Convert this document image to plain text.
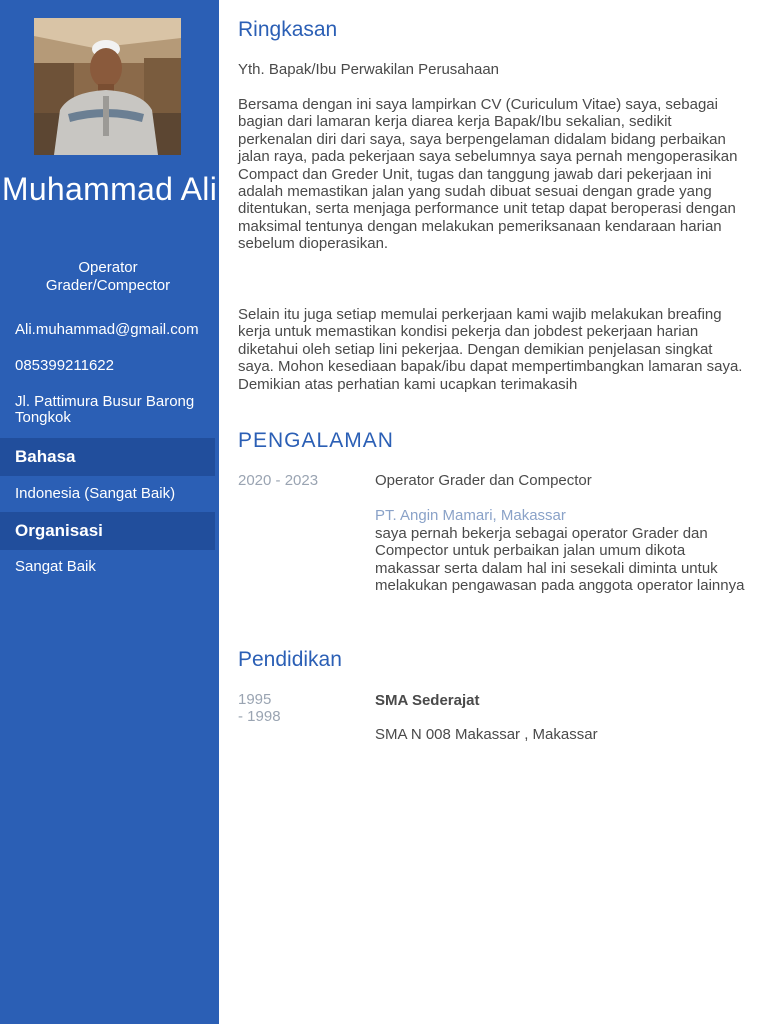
Muhammad Ali
Operator Grader/Compector
Ali.muhammad@gmail.com
085399211622
Jl. Pattimura Busur Barong Tongkok
Bahasa
Indonesia (Sangat Baik)
Organisasi
Sangat Baik
Ringkasan
Yth. Bapak/Ibu Perwakilan Perusahaan
Bersama dengan ini saya lampirkan CV (Curiculum Vitae) saya, sebagai bagian dari lamaran kerja diarea kerja Bapak/Ibu sekalian, sedikit perkenalan diri dari saya, saya berpengelaman didalam bidang perbaikan jalan raya, pada pekerjaan saya sebelumnya saya pernah mengoperasikan Compact dan Greder Unit, tugas dan tanggung jawab dari pekerjaan ini adalah memastikan jalan yang sudah dibuat sesuai dengan grade yang ditentukan, serta menjaga performance unit tetap dapat beroperasi dengan maksimal tentunya dengan melakukan pemeriksanaan kendaraan harian sebelum dioperasikan.
Selain itu juga setiap memulai perkerjaan kami wajib melakukan breafing kerja untuk memastikan kondisi pekerja dan jobdest pekerjaan harian diketahui oleh setiap lini pekerjaa. Dengan demikian penjelasan singkat saya. Mohon kesediaan bapak/ibu dapat mempertimbangkan lamaran saya. Demikian atas perhatian kami ucapkan terimakasih
PENGALAMAN
2020 - 2023	Operator Grader dan Compector
PT. Angin Mamari, Makassar
saya pernah bekerja sebagai operator Grader dan Compector untuk perbaikan jalan umum dikota makassar serta dalam hal ini sesekali diminta untuk melakukan pengawasan pada anggota operator lainnya
Pendidikan
1995
- 1998
SMA Sederajat
SMA N 008 Makassar , Makassar
